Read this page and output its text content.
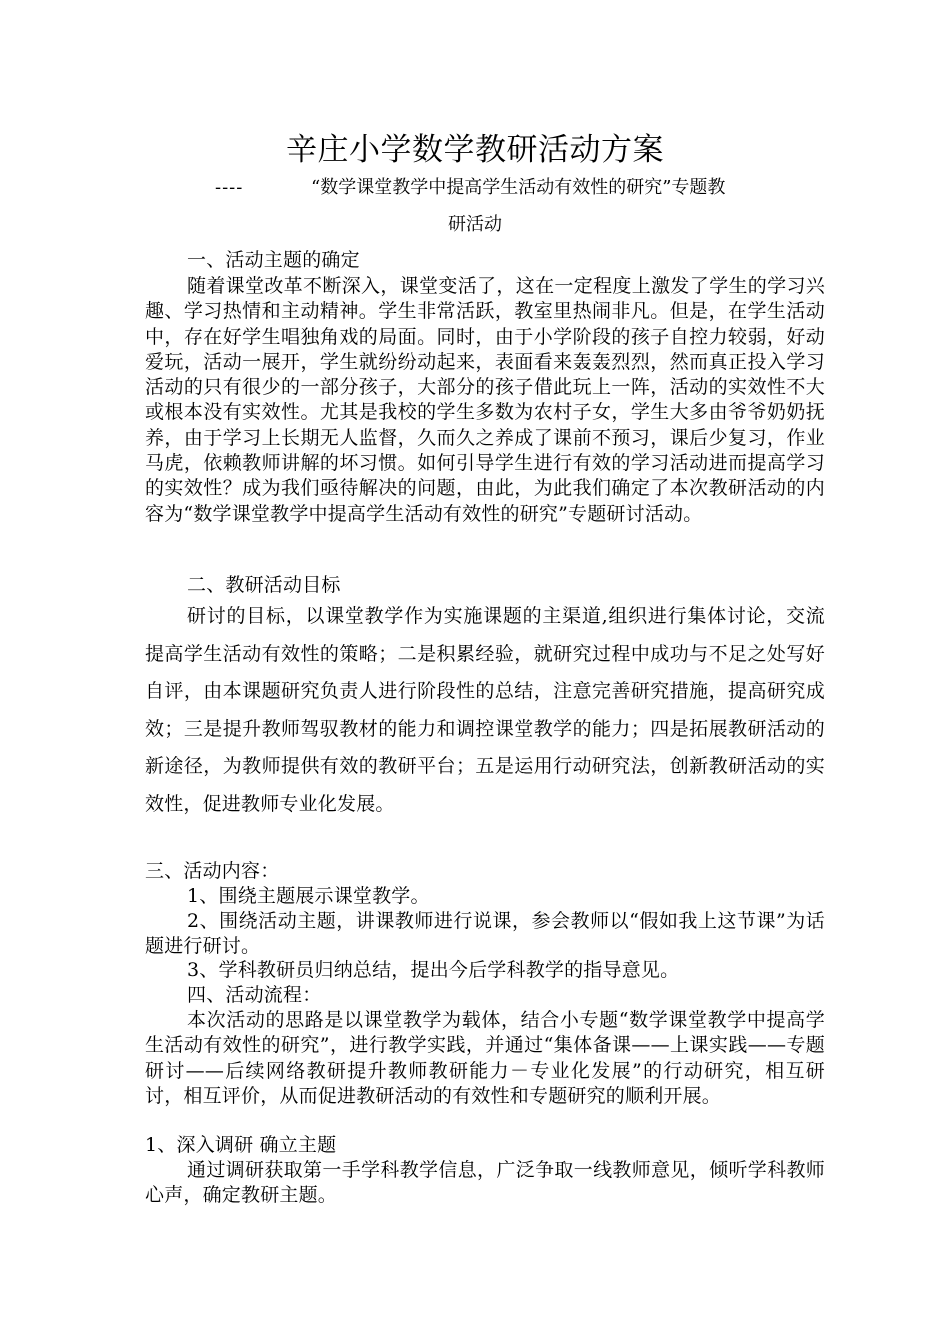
辛庄小学数学教研活动方案
----	“数学课堂教学中提高学生活动有效性的研究”专题教
研活动
一、活动主题的确定
随着课堂改革不断深入，课堂变活了，这在一定程度上激发了学生的学习兴趣、学习热情和主动精神。学生非常活跃，教室里热闹非凡。但是，在学生活动中，存在好学生唱独角戏的局面。同时，由于小学阶段的孩子自控力较弱，好动爱玩，活动一展开，学生就纷纷动起来，表面看来轰轰烈烈，然而真正投入学习活动的只有很少的一部分孩子，大部分的孩子借此玩上一阵，活动的实效性不大或根本没有实效性。尤其是我校的学生多数为农村子女，学生大多由爷爷奶奶抚养，由于学习上长期无人监督，久而久之养成了课前不预习，课后少复习，作业马虎，依赖教师讲解的坏习惯。如何引导学生进行有效的学习活动进而提高学习的实效性？成为我们亟待解决的问题，由此，为此我们确定了本次教研活动的内容为“数学课堂教学中提高学生活动有效性的研究”专题研讨活动。
二、教研活动目标
研讨的目标，以课堂教学作为实施课题的主渠道,组织进行集体讨论，交流提高学生活动有效性的策略；二是积累经验，就研究过程中成功与不足之处写好自评，由本课题研究负责人进行阶段性的总结，注意完善研究措施，提高研究成效；三是提升教师驾驭教材的能力和调控课堂教学的能力；四是拓展教研活动的新途径，为教师提供有效的教研平台；五是运用行动研究法，创新教研活动的实效性，促进教师专业化发展。
三、活动内容：
1、围绕主题展示课堂教学。
2、围绕活动主题，讲课教师进行说课，参会教师以“假如我上这节课”为话题进行研讨。
3、学科教研员归纳总结，提出今后学科教学的指导意见。
四、活动流程：
本次活动的思路是以课堂教学为载体，结合小专题“数学课堂教学中提高学生活动有效性的研究”，进行教学实践，并通过“集体备课——上课实践——专题研讨——后续网络教研提升教师教研能力－专业化发展”的行动研究，相互研讨，相互评价，从而促进教研活动的有效性和专题研究的顺利开展。
1、深入调研 确立主题
通过调研获取第一手学科教学信息，广泛争取一线教师意见，倾听学科教师心声，确定教研主题。
